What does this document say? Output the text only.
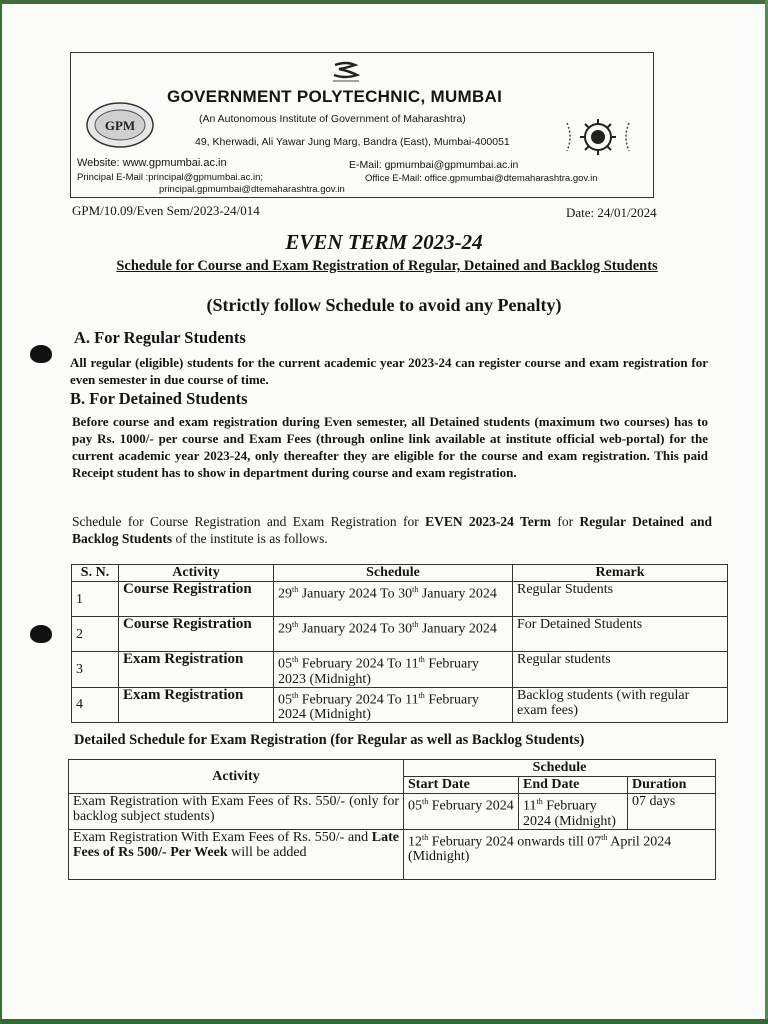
GOVERNMENT POLYTECHNIC, MUMBAI
(An Autonomous Institute of Government of Maharashtra)
49, Kherwadi, Ali Yawar Jung Marg, Bandra (East), Mumbai-400051
GPM
Website: www.gpmumbai.ac.in	E-Mail: gpmumbai@gpmumbai.ac.in
Principal E-Mail :principal@gpmumbai.ac.in;	Office E-Mail: office.gpmumbai@dtemaharashtra.gov.in
principal.gpmumbai@dtemaharashtra.gov.in
GPM/10.09/Even Sem/2023-24/014	Date: 24/01/2024
EVEN TERM 2023-24
Schedule for Course and Exam Registration of Regular, Detained and Backlog Students
(Strictly follow Schedule to avoid any Penalty)
A. For Regular Students
All regular (eligible) students for the current academic year 2023-24 can register course and exam registration for even semester in due course of time.
B. For Detained Students
Before course and exam registration during Even semester, all Detained students (maximum two courses) has to pay Rs. 1000/- per course and Exam Fees (through online link available at institute official web-portal) for the current academic year 2023-24, only thereafter they are eligible for the course and exam registration. This paid Receipt student has to show in department during course and exam registration.
Schedule for Course Registration and Exam Registration for EVEN 2023-24 Term for Regular Detained and Backlog Students of the institute is as follows.
S. N.	Activity	Schedule	Remark
1	Course Registration	29th January 2024 To 30th January 2024	Regular Students
2	Course Registration	29th January 2024 To 30th January 2024	For Detained Students
3	Exam Registration	05th February 2024 To 11th February 2023 (Midnight)	Regular students
4	Exam Registration	05th February 2024 To 11th February 2024 (Midnight)	Backlog students (with regular exam fees)
Detailed Schedule for Exam Registration (for Regular as well as Backlog Students)
Activity	Schedule		
	Start Date	End Date	Duration
Exam Registration with Exam Fees of Rs. 550/- (only for backlog subject students)	05th February 2024	11th February 2024 (Midnight)	07 days
Exam Registration With Exam Fees of Rs. 550/- and Late Fees of Rs 500/- Per Week will be added	12th February 2024 onwards till 07th April 2024 (Midnight)		
